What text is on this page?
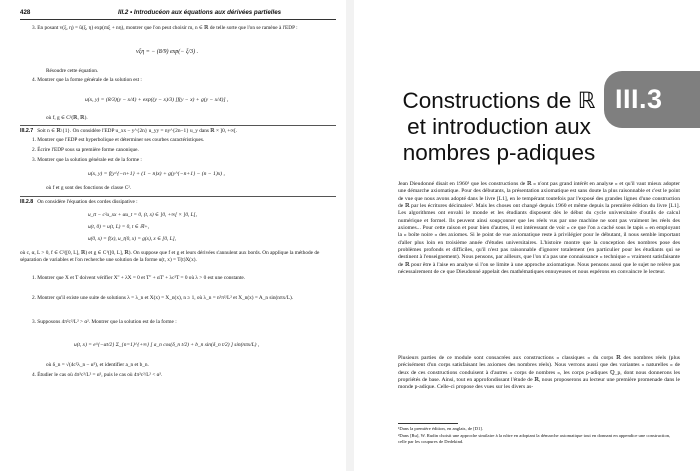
428	III.2 • Introducéon aux équations aux dérivées partielles
3. En posant v(ξ, η) = ũ(ξ, η) exp(mξ + nη), montrer que l'on peut choisir m, n ∈ ℝ de telle sorte que l'on se ramène à l'EDP :
vξη = − (8/9) exp(− ξ/3) .
Résoudre cette équation.
4. Montrer que la forme générale de la solution est :
u(x, y) = (8/3)(y − x/4) + exp((y − x)/3) [f(y − x) + g(y − x/4)] ,
où f, g ∈ C²(ℝ, ℝ).
III.2.7 Soit n ∈ ℝ\{1}. On considère l'EDP u_xx − y^{2n} u_yy = ny^{2n−1} u_y dans ℝ × ]0, +∞[.
1. Montrer que l'EDP est hyperbolique et déterminer ses courbes caractéristiques.
2. Écrire l'EDP sous sa première forme canonique.
3. Montrer que la solution générale est de la forme :
u(x, y) = f(y^{−n+1} + (1 − n)x) + g(y^{−n+1} − (n − 1)x) ,
où f et g sont des fonctions de classe C².
III.2.8 On considère l'équation des cordes dissipative :
u_tt − c²u_xx + αu_t = 0, (t, x) ∈ ]0, +∞[ × ]0, L[,
u(t, 0) = u(t, L) = 0, t ∈ ℝ+,
u(0, x) = f(x), u_t(0, x) = g(x), x ∈ [0, L],
où c, α, L > 0, f ∈ C²([0, L], ℝ) et g ∈ C¹([0, L], ℝ). On suppose que f et g et leurs dérivées s'annulent aux bords. On applique la méthode de séparation de variables et l'on recherche une solution de la forme u(t, x) = T(t)X(x).
1. Montrer que X et T doivent vérifier X'' + λX = 0 et T'' + αT' + λc²T = 0 où λ > 0 est une constante.
2. Montrer qu'il existe une suite de solutions λ = λ_n et X(x) = X_n(x), n ≥ 1, où λ_n = n²π²/L² et X_n(x) = A_n sin(nπx/L).
3. Supposons 4π²c²/L² > α². Montrer que la solution est de la forme :
u(t, x) = e^{−αt/2} Σ_{n=1}^{+∞} [ a_n cos(δ_n t/2) + b_n sin(δ_n t/2) ] sin(nπx/L) ,
où δ_n = √(4c²λ_n − α²), et identifier a_n et b_n.
4. Étudier le cas où 4π²c²/L² = α², puis le cas où 4π²c²/L² < α².
III.3
Constructions de ℝ
et introduction aux
nombres p-adiques
Jean Dieudonné disait en 1960¹ que les constructions de ℝ « n'ont pas grand intérêt en analyse » et qu'il vaut mieux adopter une démarche axiomatique. Pour des débutants, la présentation axiomatique est sans doute la plus raisonnable et c'est le point de vue que nous avons adopté dans le livre [L1], en le tempérant toutefois par l'exposé des grandes lignes d'une construction de ℝ par les écritures décimales². Mais les choses ont changé depuis 1960 et même depuis la première édition du livre [L1]. Les algorithmes ont envahi le monde et les étudiants disposent dès le début du cycle universitaire d'outils de calcul numérique et formel. Ils peuvent ainsi soupçonner que les réels vus par une machine ne sont pas vraiment les réels des axiomes... Pour cette raison et pour bien d'autres, il est intéressant de voir « ce que l'on a caché sous le tapis » en employant la « boîte noire » des axiomes. Si le point de vue axiomatique reste à privilégier pour le débutant, il nous semble important d'aller plus loin en troisième année d'études universitaires. L'histoire montre que la conception des nombres pose des problèmes profonds et difficiles, qu'il n'est pas raisonnable d'ignorer totalement (en particulier pour les étudiants qui se destinent à l'enseignement). Nous pensons, par ailleurs, que l'on n'a pas une connaissance « technique » vraiment satisfaisante de ℝ pour être à l'aise en analyse si l'on se limite à une approche axiomatique. Nous pensons aussi que le sujet ne relève pas nécessairement de ce que Dieudonné appelait des mathématiques ennuyeuses et nous espérons en convaincre le lecteur.
Plusieurs parties de ce module sont consacrées aux constructions « classiques » du corps ℝ des nombres réels (plus précisément d'un corps satisfaisant les axiomes des nombres réels). Nous verrons aussi que des variantes « naturelles » de deux de ces constructions conduisent à d'autres « corps de nombres », les corps p-adiques ℚ_p, dont nous donnerons les propriétés de base. Ainsi, tout en approfondissant l'étude de ℝ, nous proposerons au lecteur une première promenade dans le monde p-adique. Celle-ci propose des vues sur les divers as-
¹Dans la première édition, en anglais, de [D1].
²Dans [Ru], W. Rudin choisit une approche similaire à la nôtre en adoptant la démarche axiomatique tout en donnant en appendice une construction, celle par les coupures de Dedekind.
